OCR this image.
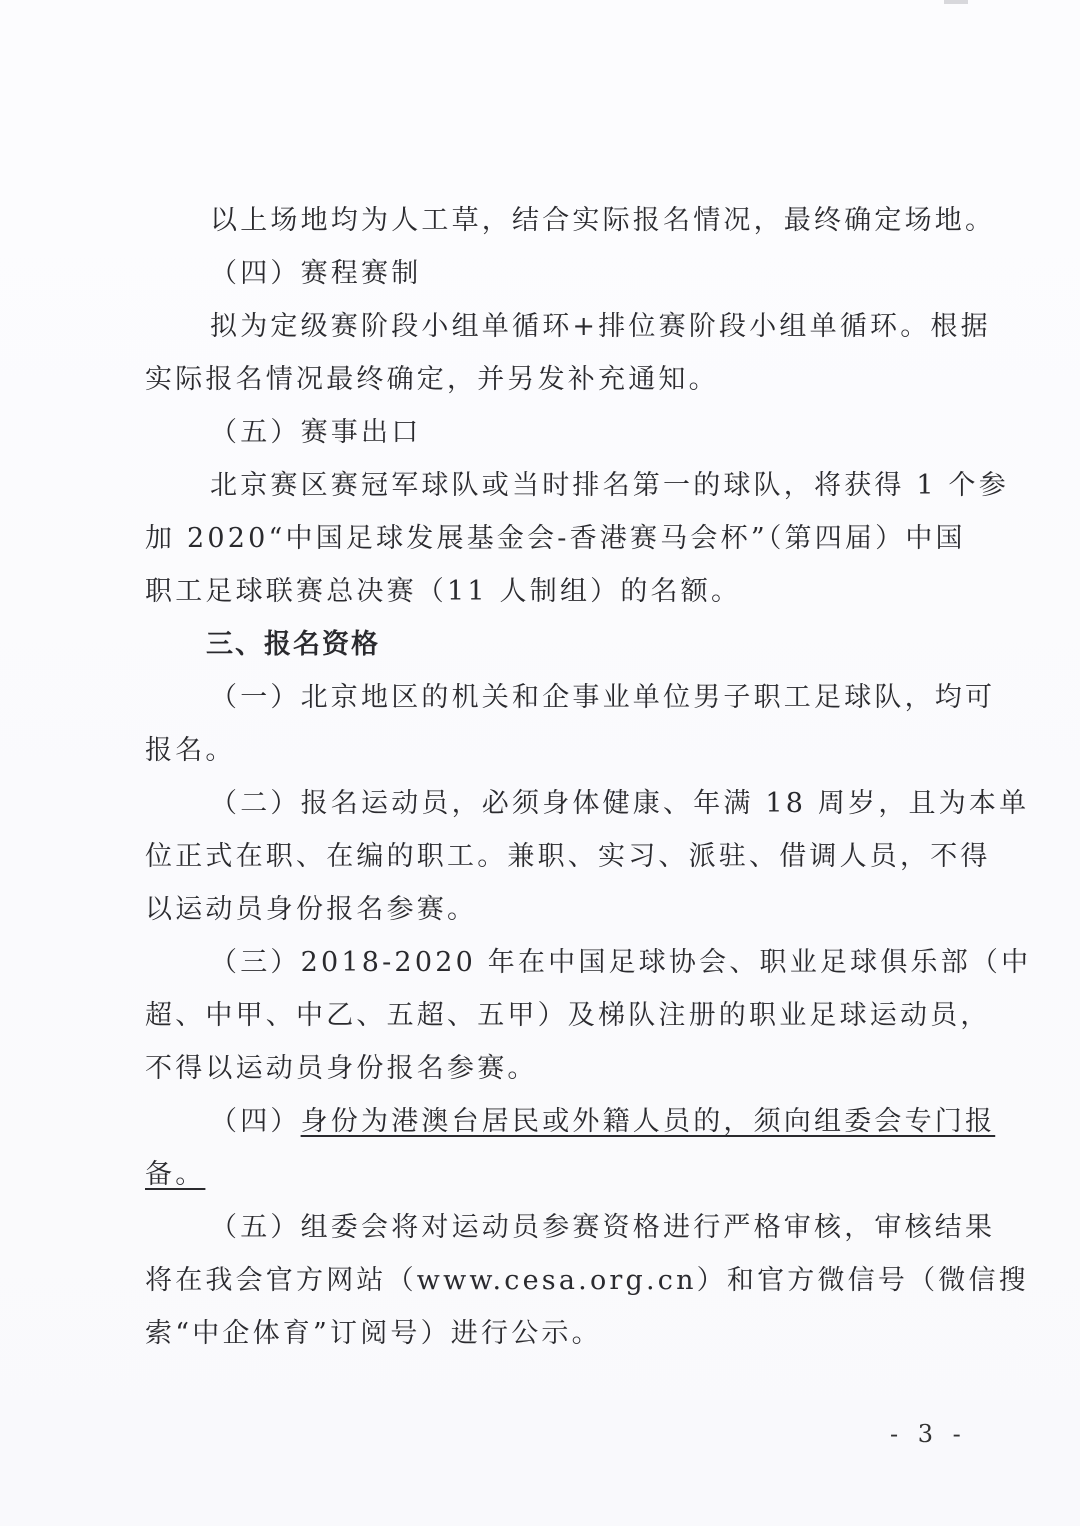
以上场地均为人工草，结合实际报名情况，最终确定场地。
（四）赛程赛制
拟为定级赛阶段小组单循环+排位赛阶段小组单循环。根据
实际报名情况最终确定，并另发补充通知。
（五）赛事出口
北京赛区赛冠军球队或当时排名第一的球队，将获得 1 个参
加 2020“中国足球发展基金会-香港赛马会杯”（第四届）中国
职工足球联赛总决赛（11 人制组）的名额。
三、报名资格
（一）北京地区的机关和企事业单位男子职工足球队，均可
报名。
（二）报名运动员，必须身体健康、年满 18 周岁，且为本单
位正式在职、在编的职工。兼职、实习、派驻、借调人员，不得
以运动员身份报名参赛。
（三）2018-2020 年在中国足球协会、职业足球俱乐部（中
超、中甲、中乙、五超、五甲）及梯队注册的职业足球运动员，
不得以运动员身份报名参赛。
（四）身份为港澳台居民或外籍人员的，须向组委会专门报
备。
（五）组委会将对运动员参赛资格进行严格审核，审核结果
将在我会官方网站（www.cesa.org.cn）和官方微信号（微信搜
索“中企体育”订阅号）进行公示。
- 3 -
